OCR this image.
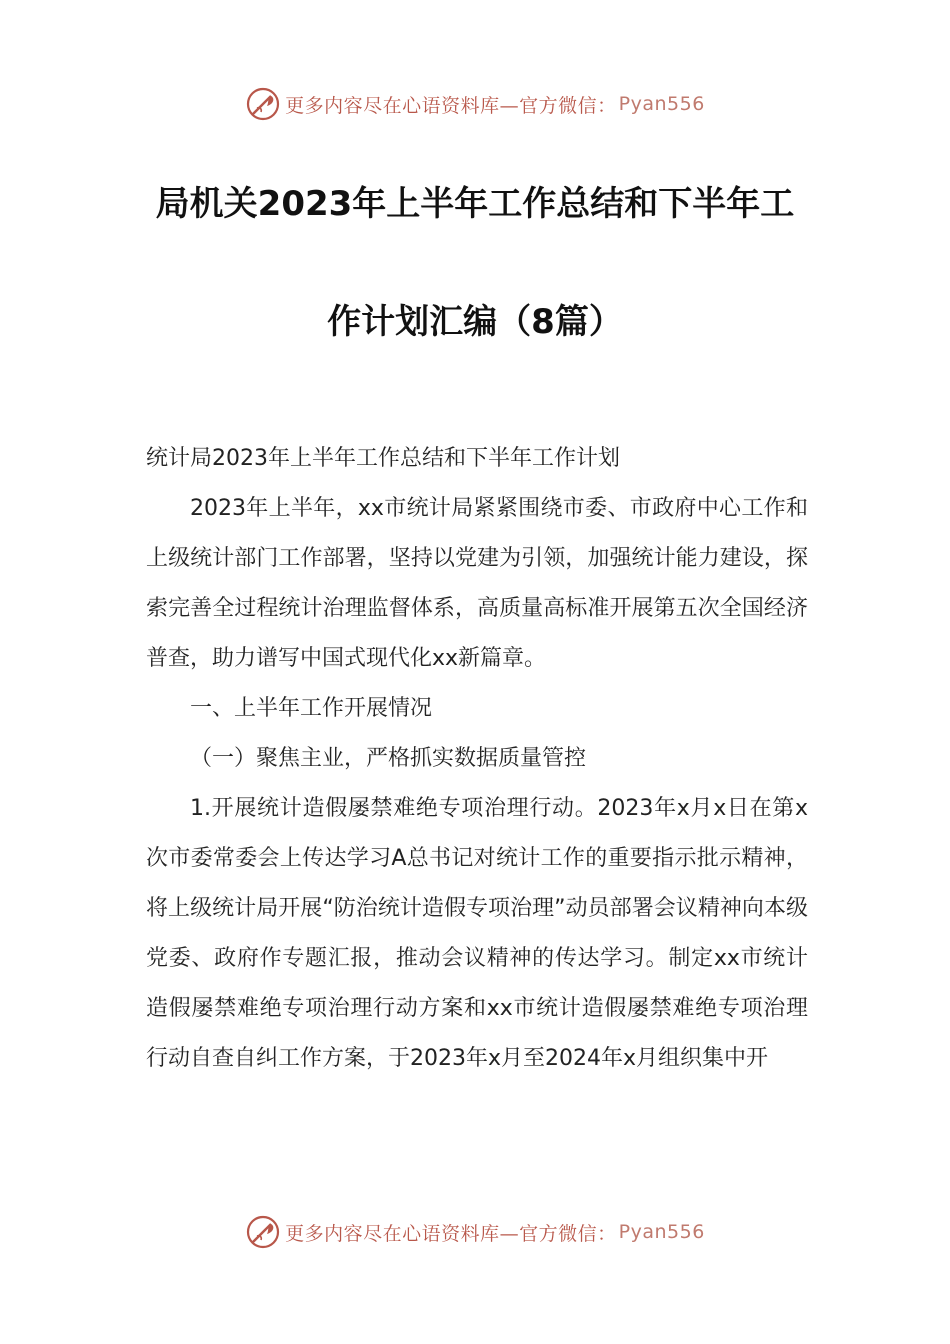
更多内容尽在心语资料库—官方微信： Pyan556
局机关2023年上半年工作总结和下半年工
作计划汇编（8篇）

统计局2023年上半年工作总结和下半年工作计划

2023年上半年，xx市统计局紧紧围绕市委、市政府中心工作和上级统计部门工作部署，坚持以党建为引领，加强统计能力建设，探索完善全过程统计治理监督体系，高质量高标准开展第五次全国经济普查，助力谱写中国式现代化xx新篇章。

一、上半年工作开展情况

（一）聚焦主业，严格抓实数据质量管控

1.开展统计造假屡禁难绝专项治理行动。2023年x月x日在第x次市委常委会上传达学习A总书记对统计工作的重要指示批示精神，将上级统计局开展“防治统计造假专项治理”动员部署会议精神向本级党委、政府作专题汇报，推动会议精神的传达学习。制定xx市统计造假屡禁难绝专项治理行动方案和xx市统计造假屡禁难绝专项治理行动自查自纠工作方案，于2023年x月至2024年x月组织集中开

更多内容尽在心语资料库—官方微信： Pyan556
